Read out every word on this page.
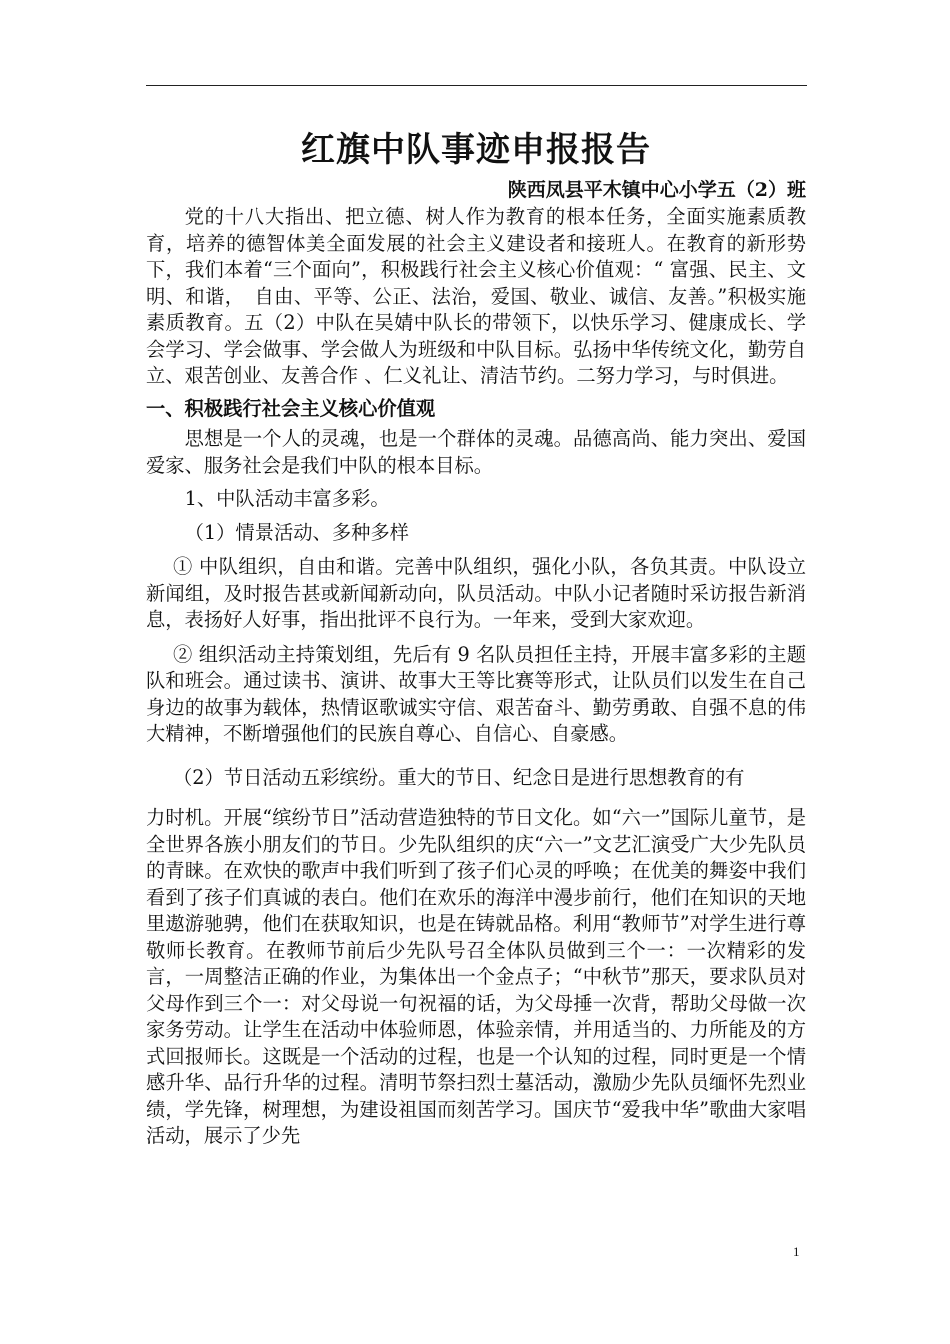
红旗中队事迹申报报告
陕西凤县平木镇中心小学五（2）班

党的十八大指出、把立德、树人作为教育的根本任务，全面实施素质教育，培养的德智体美全面发展的社会主义建设者和接班人。在教育的新形势下，我们本着“三个面向”，积极践行社会主义核心价值观：“ 富强、民主、文明、和谐，　自由、平等、公正、法治，爱国、敬业、诚信、友善。”积极实施素质教育。五（2）中队在吴婧中队长的带领下，以快乐学习、健康成长、学会学习、学会做事、学会做人为班级和中队目标。弘扬中华传统文化，勤劳自立、艰苦创业、友善合作 、仁义礼让、清洁节约。二努力学习，与时俱进。

一、积极践行社会主义核心价值观

思想是一个人的灵魂，也是一个群体的灵魂。品德高尚、能力突出、爱国爱家、服务社会是我们中队的根本目标。

1、中队活动丰富多彩。

（1）情景活动、多种多样

① 中队组织，自由和谐。完善中队组织，强化小队，各负其责。中队设立新闻组，及时报告甚或新闻新动向，队员活动。中队小记者随时采访报告新消息，表扬好人好事，指出批评不良行为。一年来，受到大家欢迎。

② 组织活动主持策划组，先后有 9 名队员担任主持，开展丰富多彩的主题队和班会。通过读书、演讲、故事大王等比赛等形式，让队员们以发生在自己身边的故事为载体，热情讴歌诚实守信、艰苦奋斗、勤劳勇敢、自强不息的伟大精神，不断增强他们的民族自尊心、自信心、自豪感。

（2）节日活动五彩缤纷。重大的节日、纪念日是进行思想教育的有

力时机。开展“缤纷节日”活动营造独特的节日文化。如“六一”国际儿童节，是全世界各族小朋友们的节日。少先队组织的庆“六一”文艺汇演受广大少先队员的青睐。在欢快的歌声中我们听到了孩子们心灵的呼唤；在优美的舞姿中我们看到了孩子们真诚的表白。他们在欢乐的海洋中漫步前行，他们在知识的天地里遨游驰骋，他们在获取知识，也是在铸就品格。利用“教师节”对学生进行尊敬师长教育。在教师节前后少先队号召全体队员做到三个一：一次精彩的发言，一周整洁正确的作业，为集体出一个金点子；“中秋节”那天，要求队员对父母作到三个一：对父母说一句祝福的话，为父母捶一次背，帮助父母做一次家务劳动。让学生在活动中体验师恩，体验亲情，并用适当的、力所能及的方式回报师长。这既是一个活动的过程，也是一个认知的过程，同时更是一个情感升华、品行升华的过程。清明节祭扫烈士墓活动，激励少先队员缅怀先烈业绩，学先锋，树理想，为建设祖国而刻苦学习。国庆节“爱我中华”歌曲大家唱活动，展示了少先

1
